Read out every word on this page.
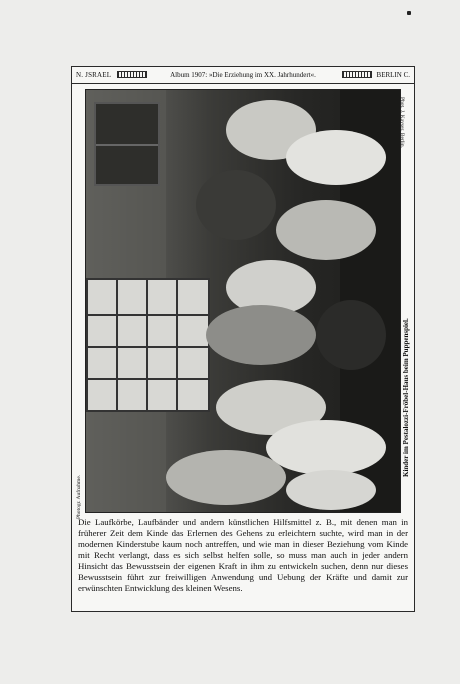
N. JSRAEL	Album 1907: »Die Erziehung im XX. Jahrhundert«.	BERLIN C.
Phot. J. Kayser, Berlin.
Kinder im Pestalozzi-Fröbel-Haus beim Puppenspiel.
Photogr. Aufnahme.
Die Laufkörbe, Laufbänder und andern künstlichen Hilfsmittel z. B., mit denen man in früherer Zeit dem Kinde das Erlernen des Gehens zu erleichtern suchte, wird man in der modernen Kinderstube kaum noch antreffen, und wie man in dieser Beziehung vom Kinde mit Recht verlangt, dass es sich selbst helfen solle, so muss man auch in jeder andern Hinsicht das Bewusstsein der eigenen Kraft in ihm zu entwickeln suchen, denn nur dieses Bewusstsein führt zur freiwilligen Anwendung und Uebung der Kräfte und damit zur erwünschten Entwicklung des kleinen Wesens.
